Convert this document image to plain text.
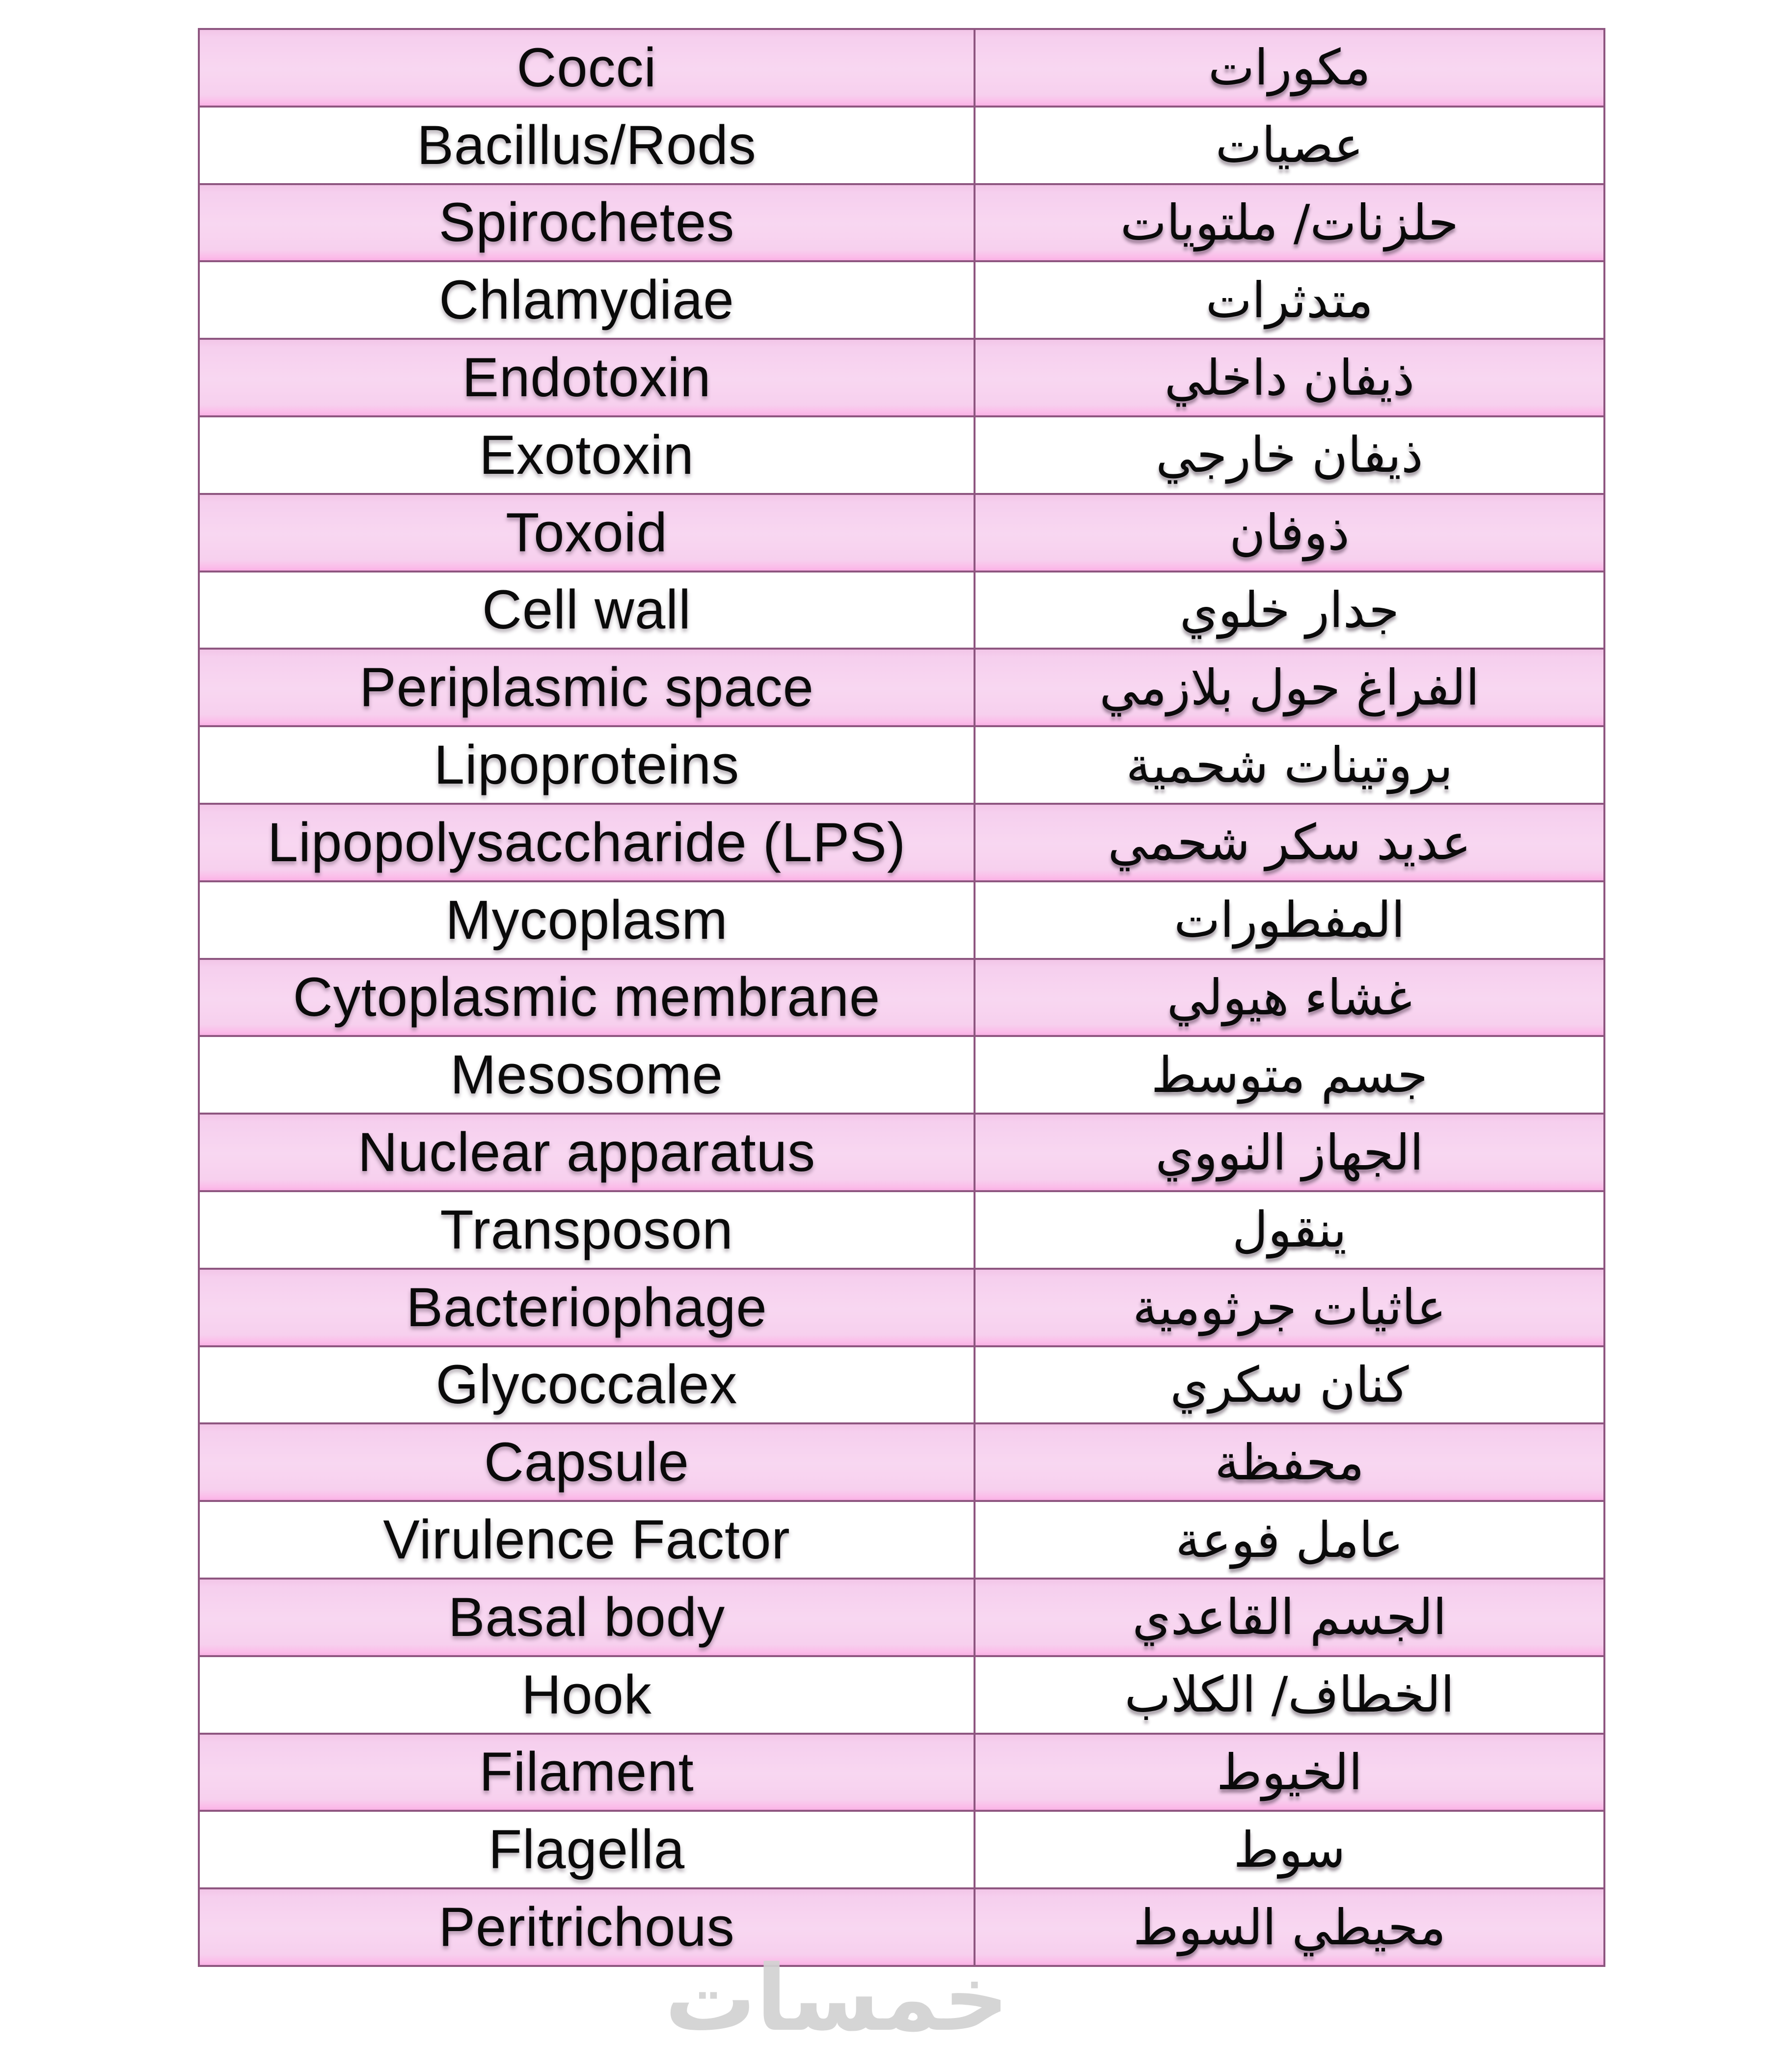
Cocci	مكورات
Bacillus/Rods	عصيات
Spirochetes	حلزنات/ ملتويات
Chlamydiae	متدثرات
Endotoxin	ذيفان داخلي
Exotoxin	ذيفان خارجي
Toxoid	ذوفان
Cell wall	جدار خلوي
Periplasmic space	الفراغ حول بلازمي
Lipoproteins	بروتينات شحمية
Lipopolysaccharide (LPS)	عديد سكر شحمي
Mycoplasm	المفطورات
Cytoplasmic membrane	غشاء هيولي
Mesosome	جسم متوسط
Nuclear apparatus	الجهاز النووي
Transposon	ينقول
Bacteriophage	عاثيات جرثومية
Glycoccalex	كنان سكري
Capsule	محفظة
Virulence Factor	عامل فوعة
Basal body	الجسم القاعدي
Hook	الخطاف/ الكلاب
Filament	الخيوط
Flagella	سوط
Peritrichous	محيطي السوط
خمسات
